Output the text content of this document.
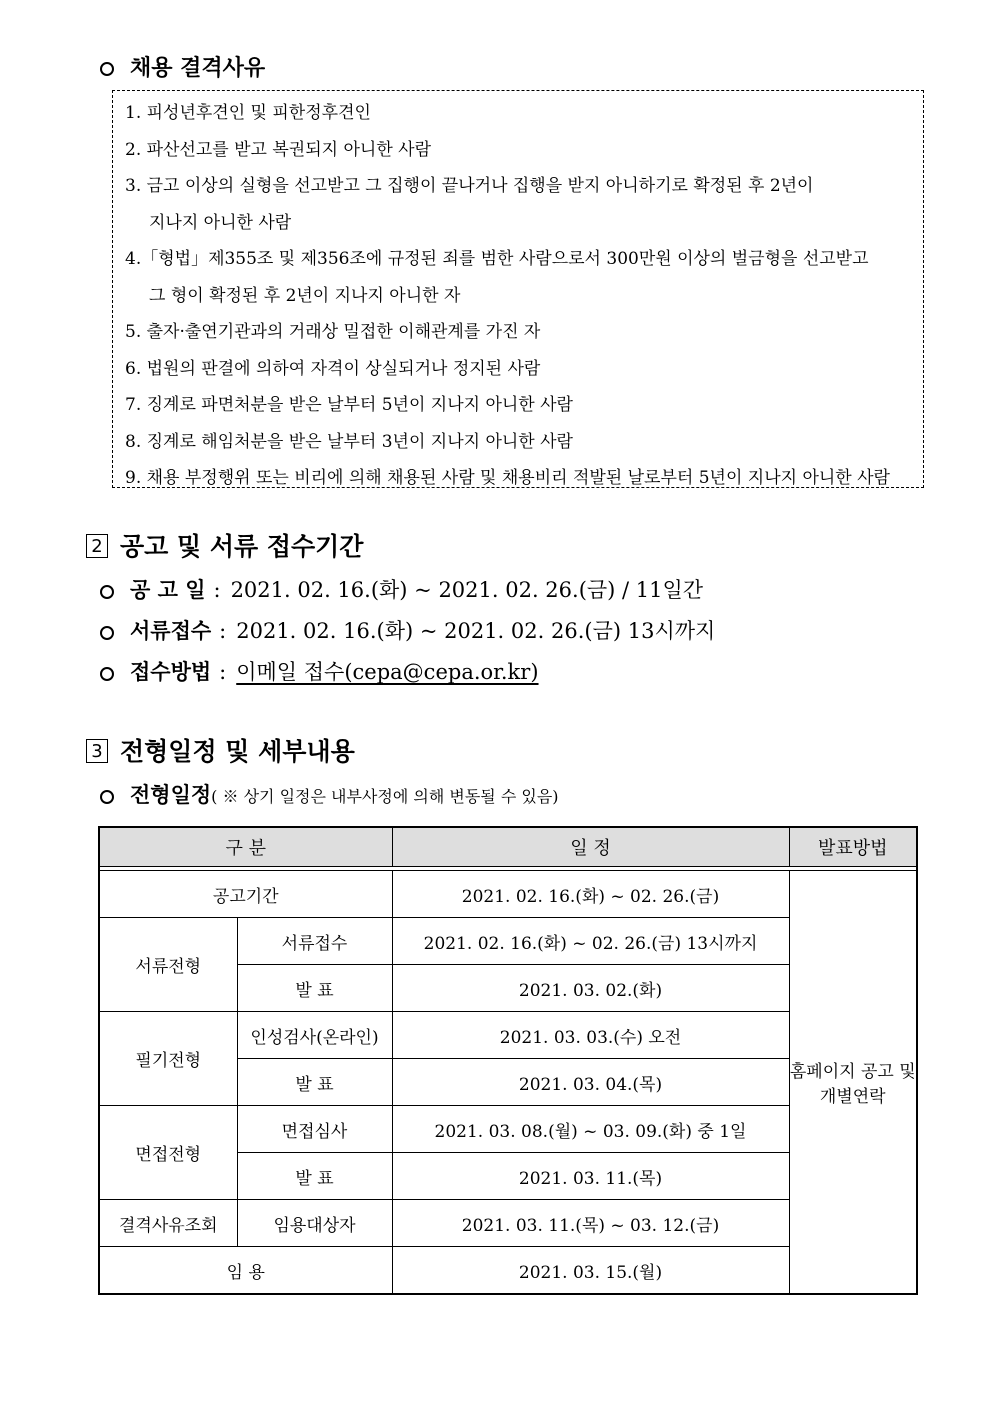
채용 결격사유
1. 피성년후견인 및 피한정후견인
2. 파산선고를 받고 복권되지 아니한 사람
3. 금고 이상의 실형을 선고받고 그 집행이 끝나거나 집행을 받지 아니하기로 확정된 후 2년이
지나지 아니한 사람
4.「형법」제355조 및 제356조에 규정된 죄를 범한 사람으로서 300만원 이상의 벌금형을 선고받고
그 형이 확정된 후 2년이 지나지 아니한 자
5. 출자·출연기관과의 거래상 밀접한 이해관계를 가진 자
6. 법원의 판결에 의하여 자격이 상실되거나 정지된 사람
7. 징계로 파면처분을 받은 날부터 5년이 지나지 아니한 사람
8. 징계로 해임처분을 받은 날부터 3년이 지나지 아니한 사람
9. 채용 부정행위 또는 비리에 의해 채용된 사람 및 채용비리 적발된 날로부터 5년이 지나지 아니한 사람
2 공고 및 서류 접수기간
공 고 일 : 2021. 02. 16.(화) ~ 2021. 02. 26.(금) / 11일간
서류접수 : 2021. 02. 16.(화) ~ 2021. 02. 26.(금) 13시까지
접수방법 : 이메일 접수(cepa@cepa.or.kr)
3 전형일정 및 세부내용
전형일정( ※ 상기 일정은 내부사정에 의해 변동될 수 있음)
구 분		일 정	발표방법

공고기간		2021. 02. 16.(화) ~ 02. 26.(금)	홈페이지 공고 및 개별연락
서류전형	서류접수	2021. 02. 16.(화) ~ 02. 26.(금) 13시까지	
	발 표	2021. 03. 02.(화)	
필기전형	인성검사(온라인)	2021. 03. 03.(수) 오전	
	발 표	2021. 03. 04.(목)	
면접전형	면접심사	2021. 03. 08.(월) ~ 03. 09.(화) 중 1일	
	발 표	2021. 03. 11.(목)	
결격사유조회	임용대상자	2021. 03. 11.(목) ~ 03. 12.(금)	
임 용		2021. 03. 15.(월)	
